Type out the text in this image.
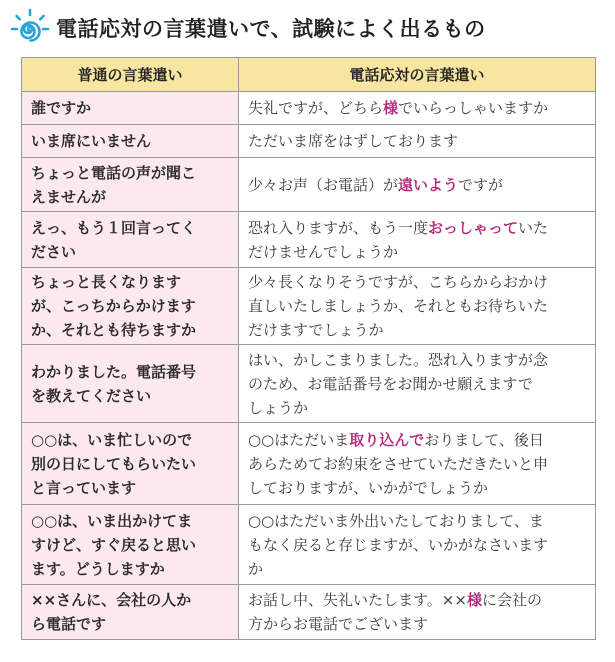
電話応対の言葉遣いで、試験によく出るもの
普通の言葉遣い	電話応対の言葉遣い

誰ですか	失礼ですが、どちら様でいらっしゃいますか

いま席にいません	ただいま席をはずしております

ちょっと電話の声が聞こ
えませんが	少々お声（お電話）が遠いようですが

えっ、もう１回言ってく
ださい	恐れ入りますが、もう一度おっしゃっていた
だけませんでしょうか

ちょっと長くなります
が、こっちからかけます
か、それとも待ちますか	少々長くなりそうですが、こちらからおかけ
直しいたしましょうか、それともお待ちいた
だけますでしょうか

わかりました。電話番号
を教えてください	はい、かしこまりました。恐れ入りますが念
のため、お電話番号をお聞かせ願えますで
しょうか

○○は、いま忙しいので
別の日にしてもらいたい
と言っています	○○はただいま取り込んでおりまして、後日
あらためてお約束をさせていただきたいと申
しておりますが、いかがでしょうか

○○は、いま出かけてま
すけど、すぐ戻ると思い
ます。どうしますか	○○はただいま外出いたしておりまして、ま
もなく戻ると存じますが、いかがなさいます
か

××さんに、会社の人か
ら電話です	お話し中、失礼いたします。××様に会社の
方からお電話でございます
